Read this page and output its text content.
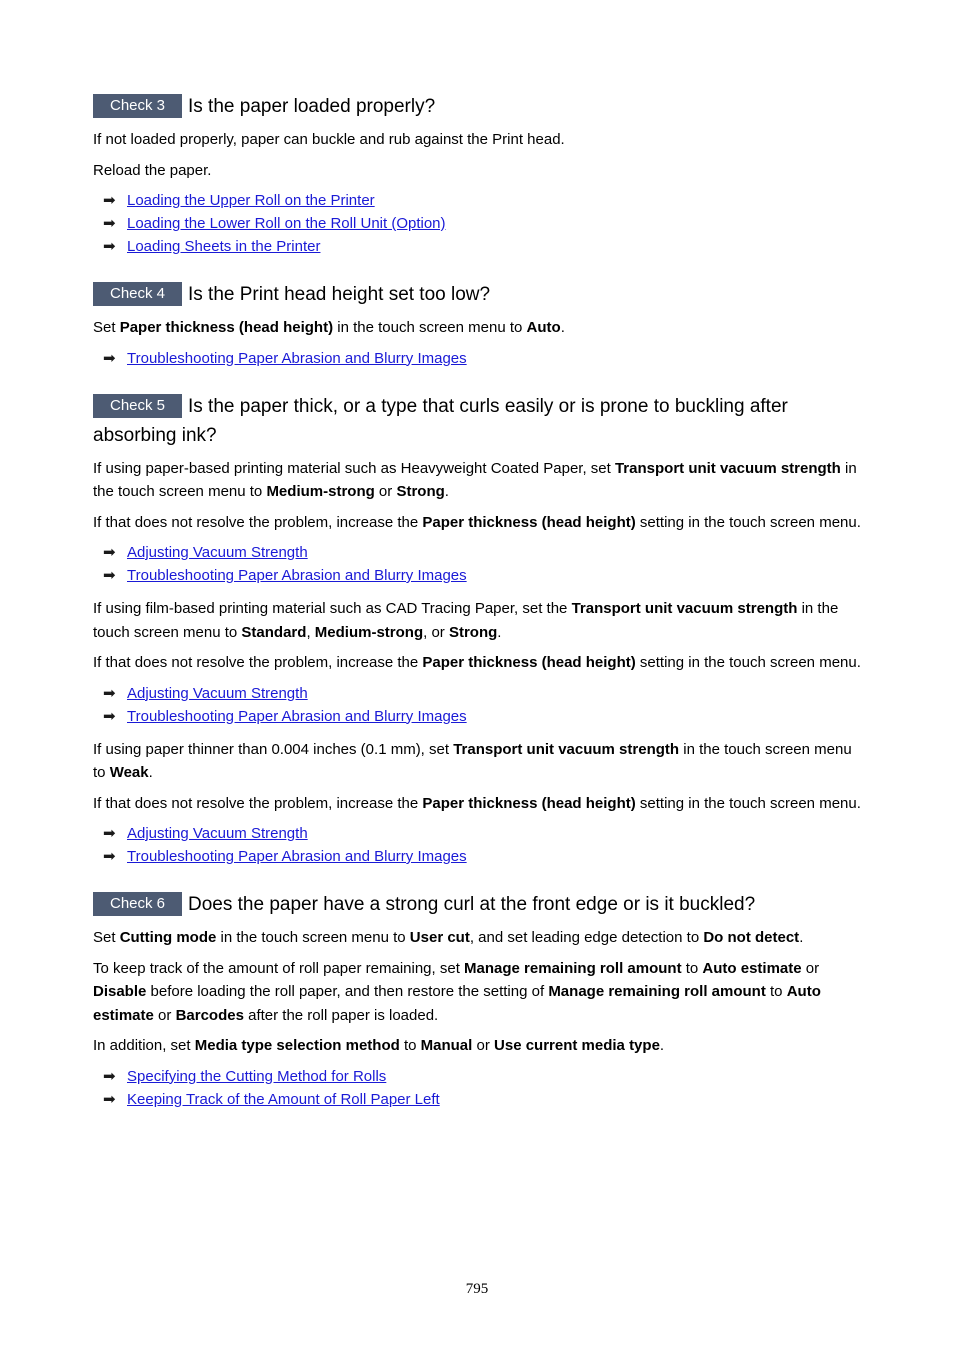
Check 3 Is the paper loaded properly?

If not loaded properly, paper can buckle and rub against the Print head.

Reload the paper.

➡ Loading the Upper Roll on the Printer
➡ Loading the Lower Roll on the Roll Unit (Option)
➡ Loading Sheets in the Printer
Check 4 Is the Print head height set too low?

Set Paper thickness (head height) in the touch screen menu to Auto.

➡ Troubleshooting Paper Abrasion and Blurry Images
Check 5 Is the paper thick, or a type that curls easily or is prone to buckling after absorbing ink?

If using paper-based printing material such as Heavyweight Coated Paper, set Transport unit vacuum strength in the touch screen menu to Medium-strong or Strong.

If that does not resolve the problem, increase the Paper thickness (head height) setting in the touch screen menu.

➡ Adjusting Vacuum Strength
➡ Troubleshooting Paper Abrasion and Blurry Images

If using film-based printing material such as CAD Tracing Paper, set the Transport unit vacuum strength in the touch screen menu to Standard, Medium-strong, or Strong.

If that does not resolve the problem, increase the Paper thickness (head height) setting in the touch screen menu.

➡ Adjusting Vacuum Strength
➡ Troubleshooting Paper Abrasion and Blurry Images

If using paper thinner than 0.004 inches (0.1 mm), set Transport unit vacuum strength in the touch screen menu to Weak.

If that does not resolve the problem, increase the Paper thickness (head height) setting in the touch screen menu.

➡ Adjusting Vacuum Strength
➡ Troubleshooting Paper Abrasion and Blurry Images
Check 6 Does the paper have a strong curl at the front edge or is it buckled?

Set Cutting mode in the touch screen menu to User cut, and set leading edge detection to Do not detect.

To keep track of the amount of roll paper remaining, set Manage remaining roll amount to Auto estimate or Disable before loading the roll paper, and then restore the setting of Manage remaining roll amount to Auto estimate or Barcodes after the roll paper is loaded.

In addition, set Media type selection method to Manual or Use current media type.

➡ Specifying the Cutting Method for Rolls
➡ Keeping Track of the Amount of Roll Paper Left
795
